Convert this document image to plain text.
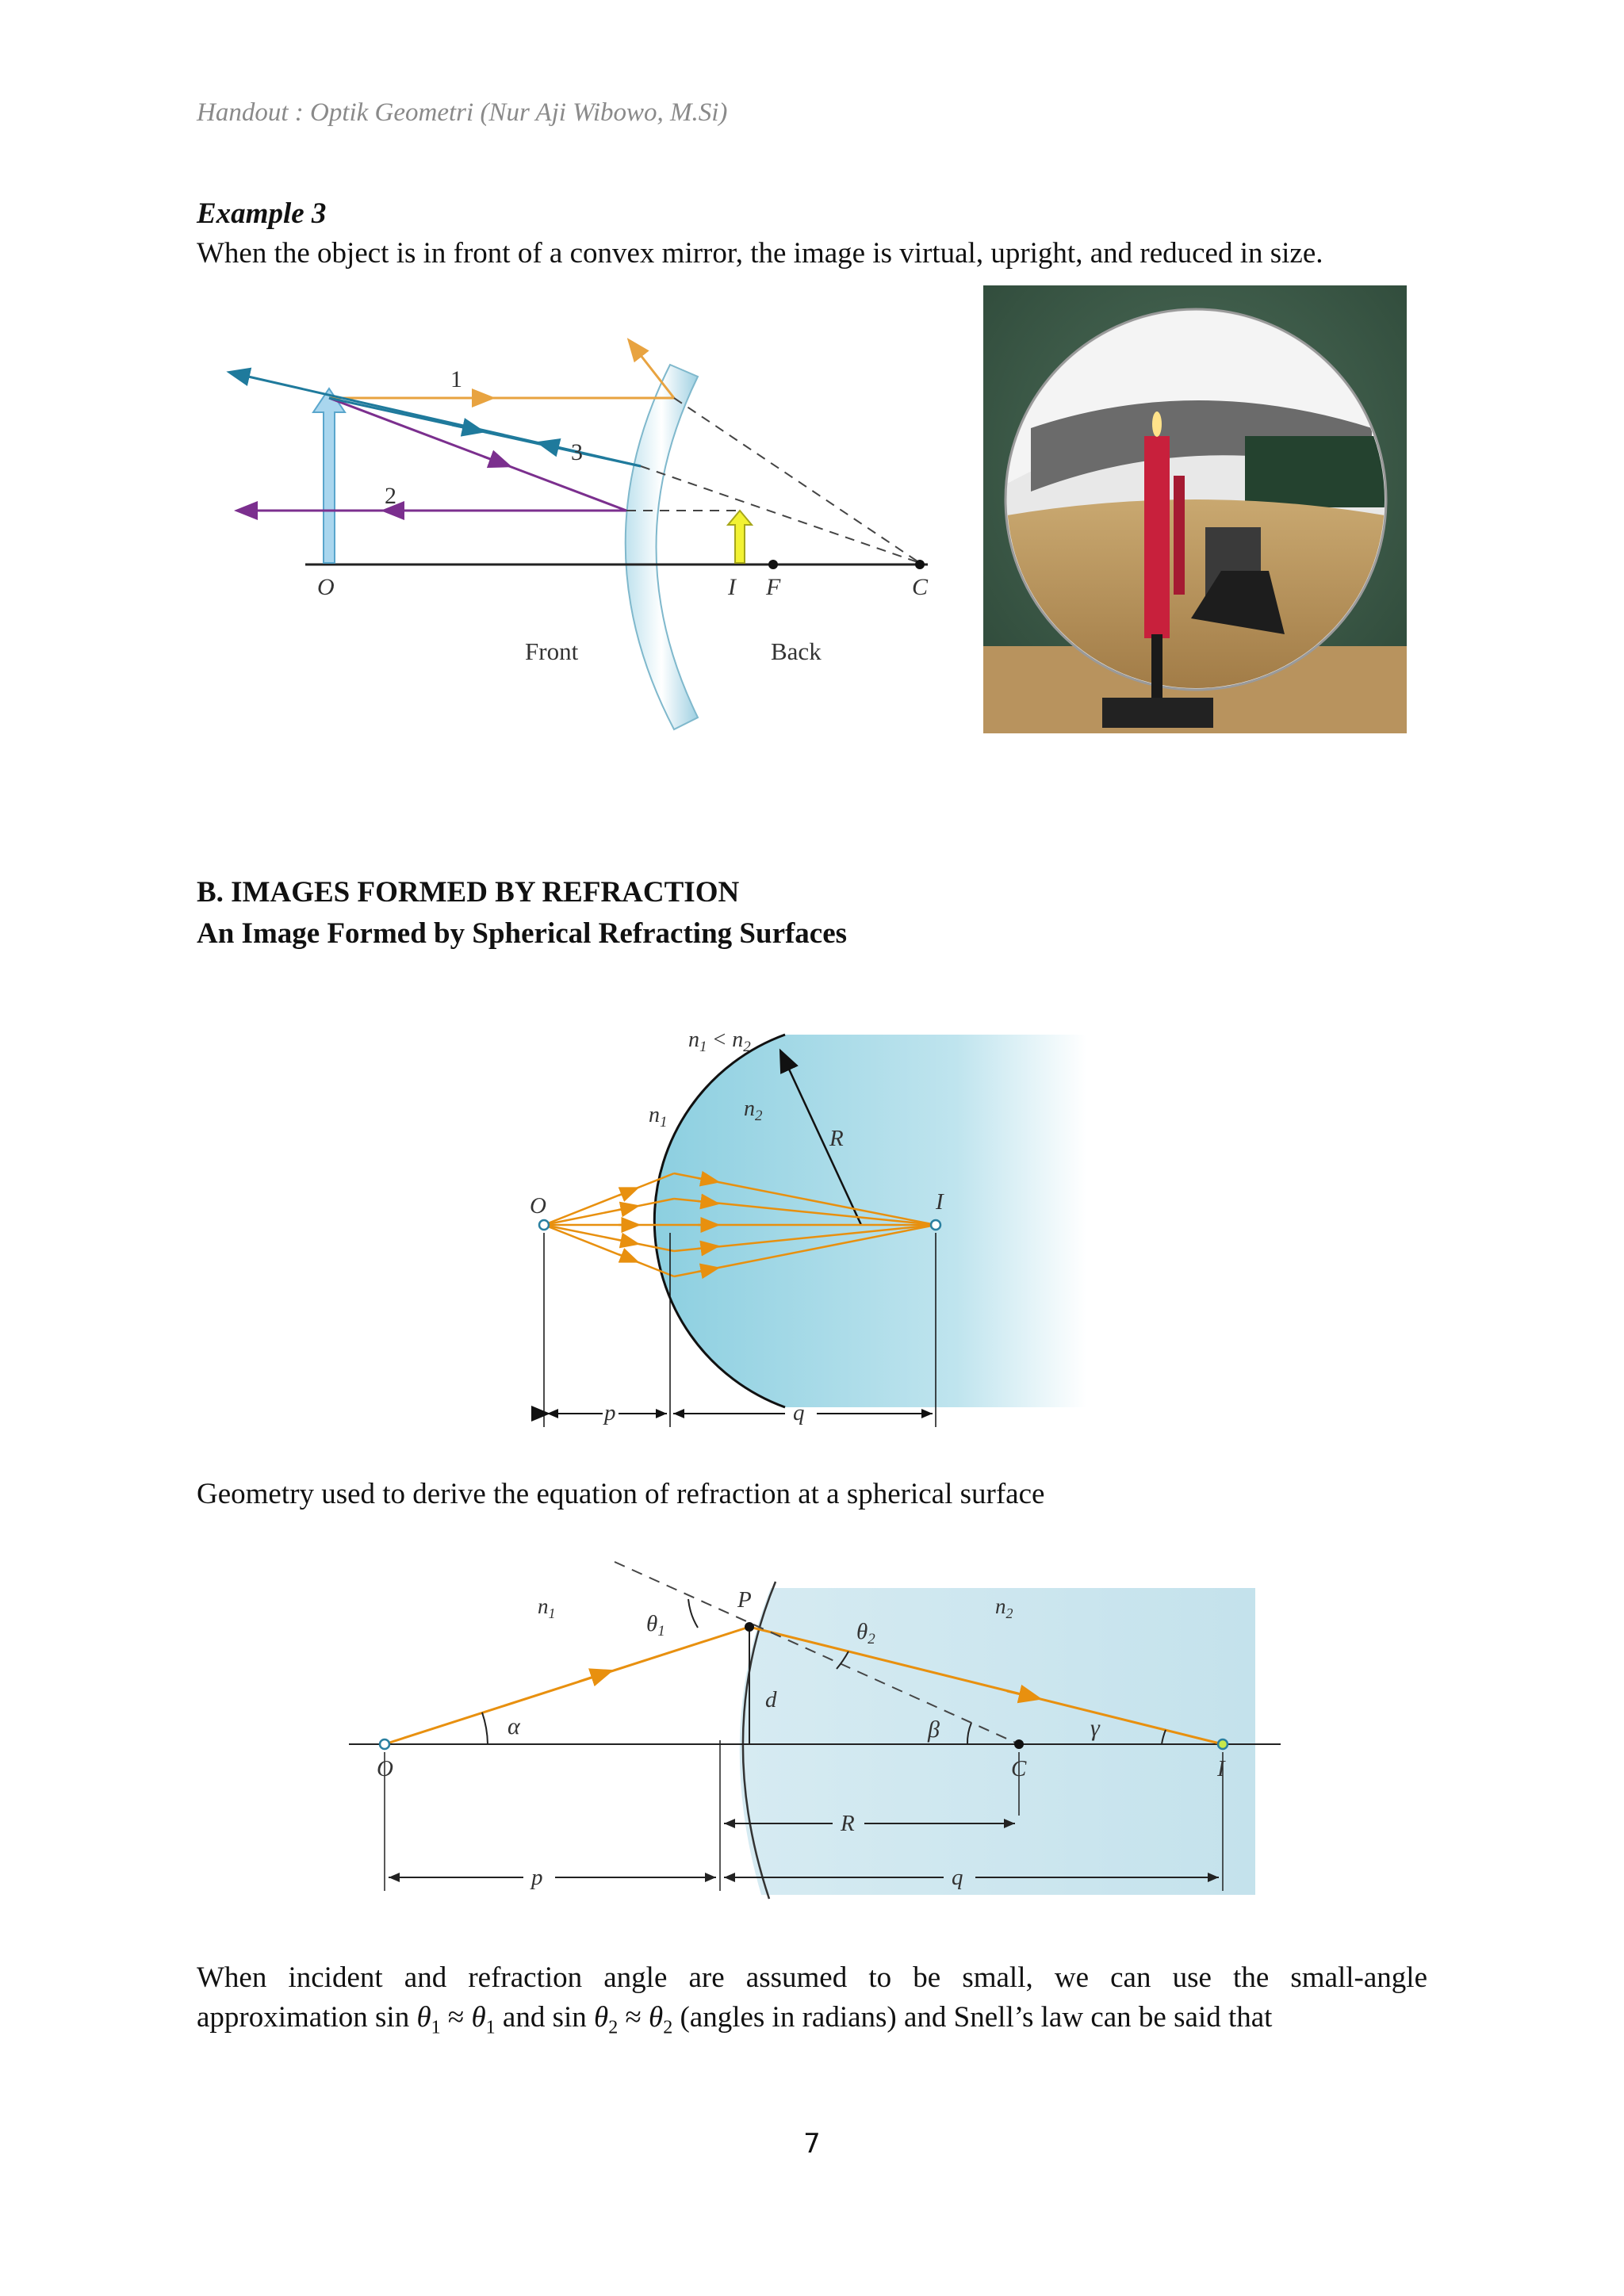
Handout : Optik Geometri (Nur Aji Wibowo, M.Si)
Example 3
When the object is in front of a convex mirror, the image is virtual, upright, and reduced in size.
1
2
3
O	I F	C
Front	Back
B. IMAGES FORMED BY REFRACTION
An Image Formed by Spherical Refracting Surfaces
$n_1 < n_2$
$n_1$
$n_2$
R
O	I
p	q
Geometry used to derive the equation of refraction at a spherical surface
$n_1$	$n_2$
$\theta_1$	$\theta_2$
α	β	γ
P
d
O	C	I
R
p	q
When incident and refraction angle are assumed to be small, we can use the small-angle
approximation $\sin \theta_1 \approx \theta_1$ and $\sin \theta_2 \approx \theta_2$ (angles in radians) and Snell’s law can be said that
7
